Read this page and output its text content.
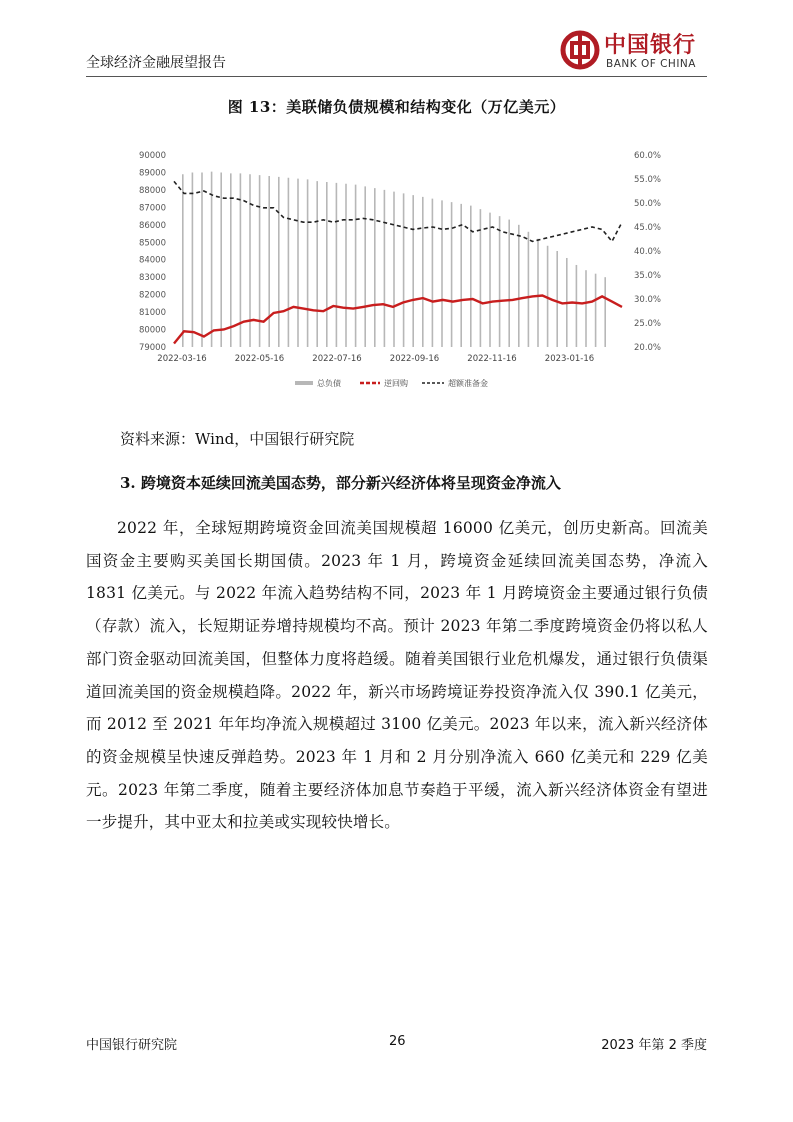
全球经济金融展望报告
中国银行
BANK OF CHINA
图 13：美联储负债规模和结构变化（万亿美元）
90000
89000
88000
87000
86000
85000
84000
83000
82000
81000
80000
79000
60.0%
55.0%
50.0%
45.0%
40.0%
35.0%
30.0%
25.0%
20.0%
2022-03-16	2022-05-16	2022-07-16	2022-09-16	2022-11-16	2023-01-16
总负债	逆回购	超额准备金
资料来源：Wind，中国银行研究院
3. 跨境资本延续回流美国态势，部分新兴经济体将呈现资金净流入
2022 年，全球短期跨境资金回流美国规模超 16000 亿美元，创历史新高。回流美国资金主要购买美国长期国债。2023 年 1 月，跨境资金延续回流美国态势，净流入 1831 亿美元。与 2022 年流入趋势结构不同，2023 年 1 月跨境资金主要通过银行负债（存款）流入，长短期证券增持规模均不高。预计 2023 年第二季度跨境资金仍将以私人部门资金驱动回流美国，但整体力度将趋缓。随着美国银行业危机爆发，通过银行负债渠道回流美国的资金规模趋降。2022 年，新兴市场跨境证券投资净流入仅 390.1 亿美元，而 2012 至 2021 年年均净流入规模超过 3100 亿美元。2023 年以来，流入新兴经济体的资金规模呈快速反弹趋势。2023 年 1 月和 2 月分别净流入 660 亿美元和 229 亿美元。2023 年第二季度，随着主要经济体加息节奏趋于平缓，流入新兴经济体资金有望进一步提升，其中亚太和拉美或实现较快增长。
中国银行研究院	26	2023 年第 2 季度
